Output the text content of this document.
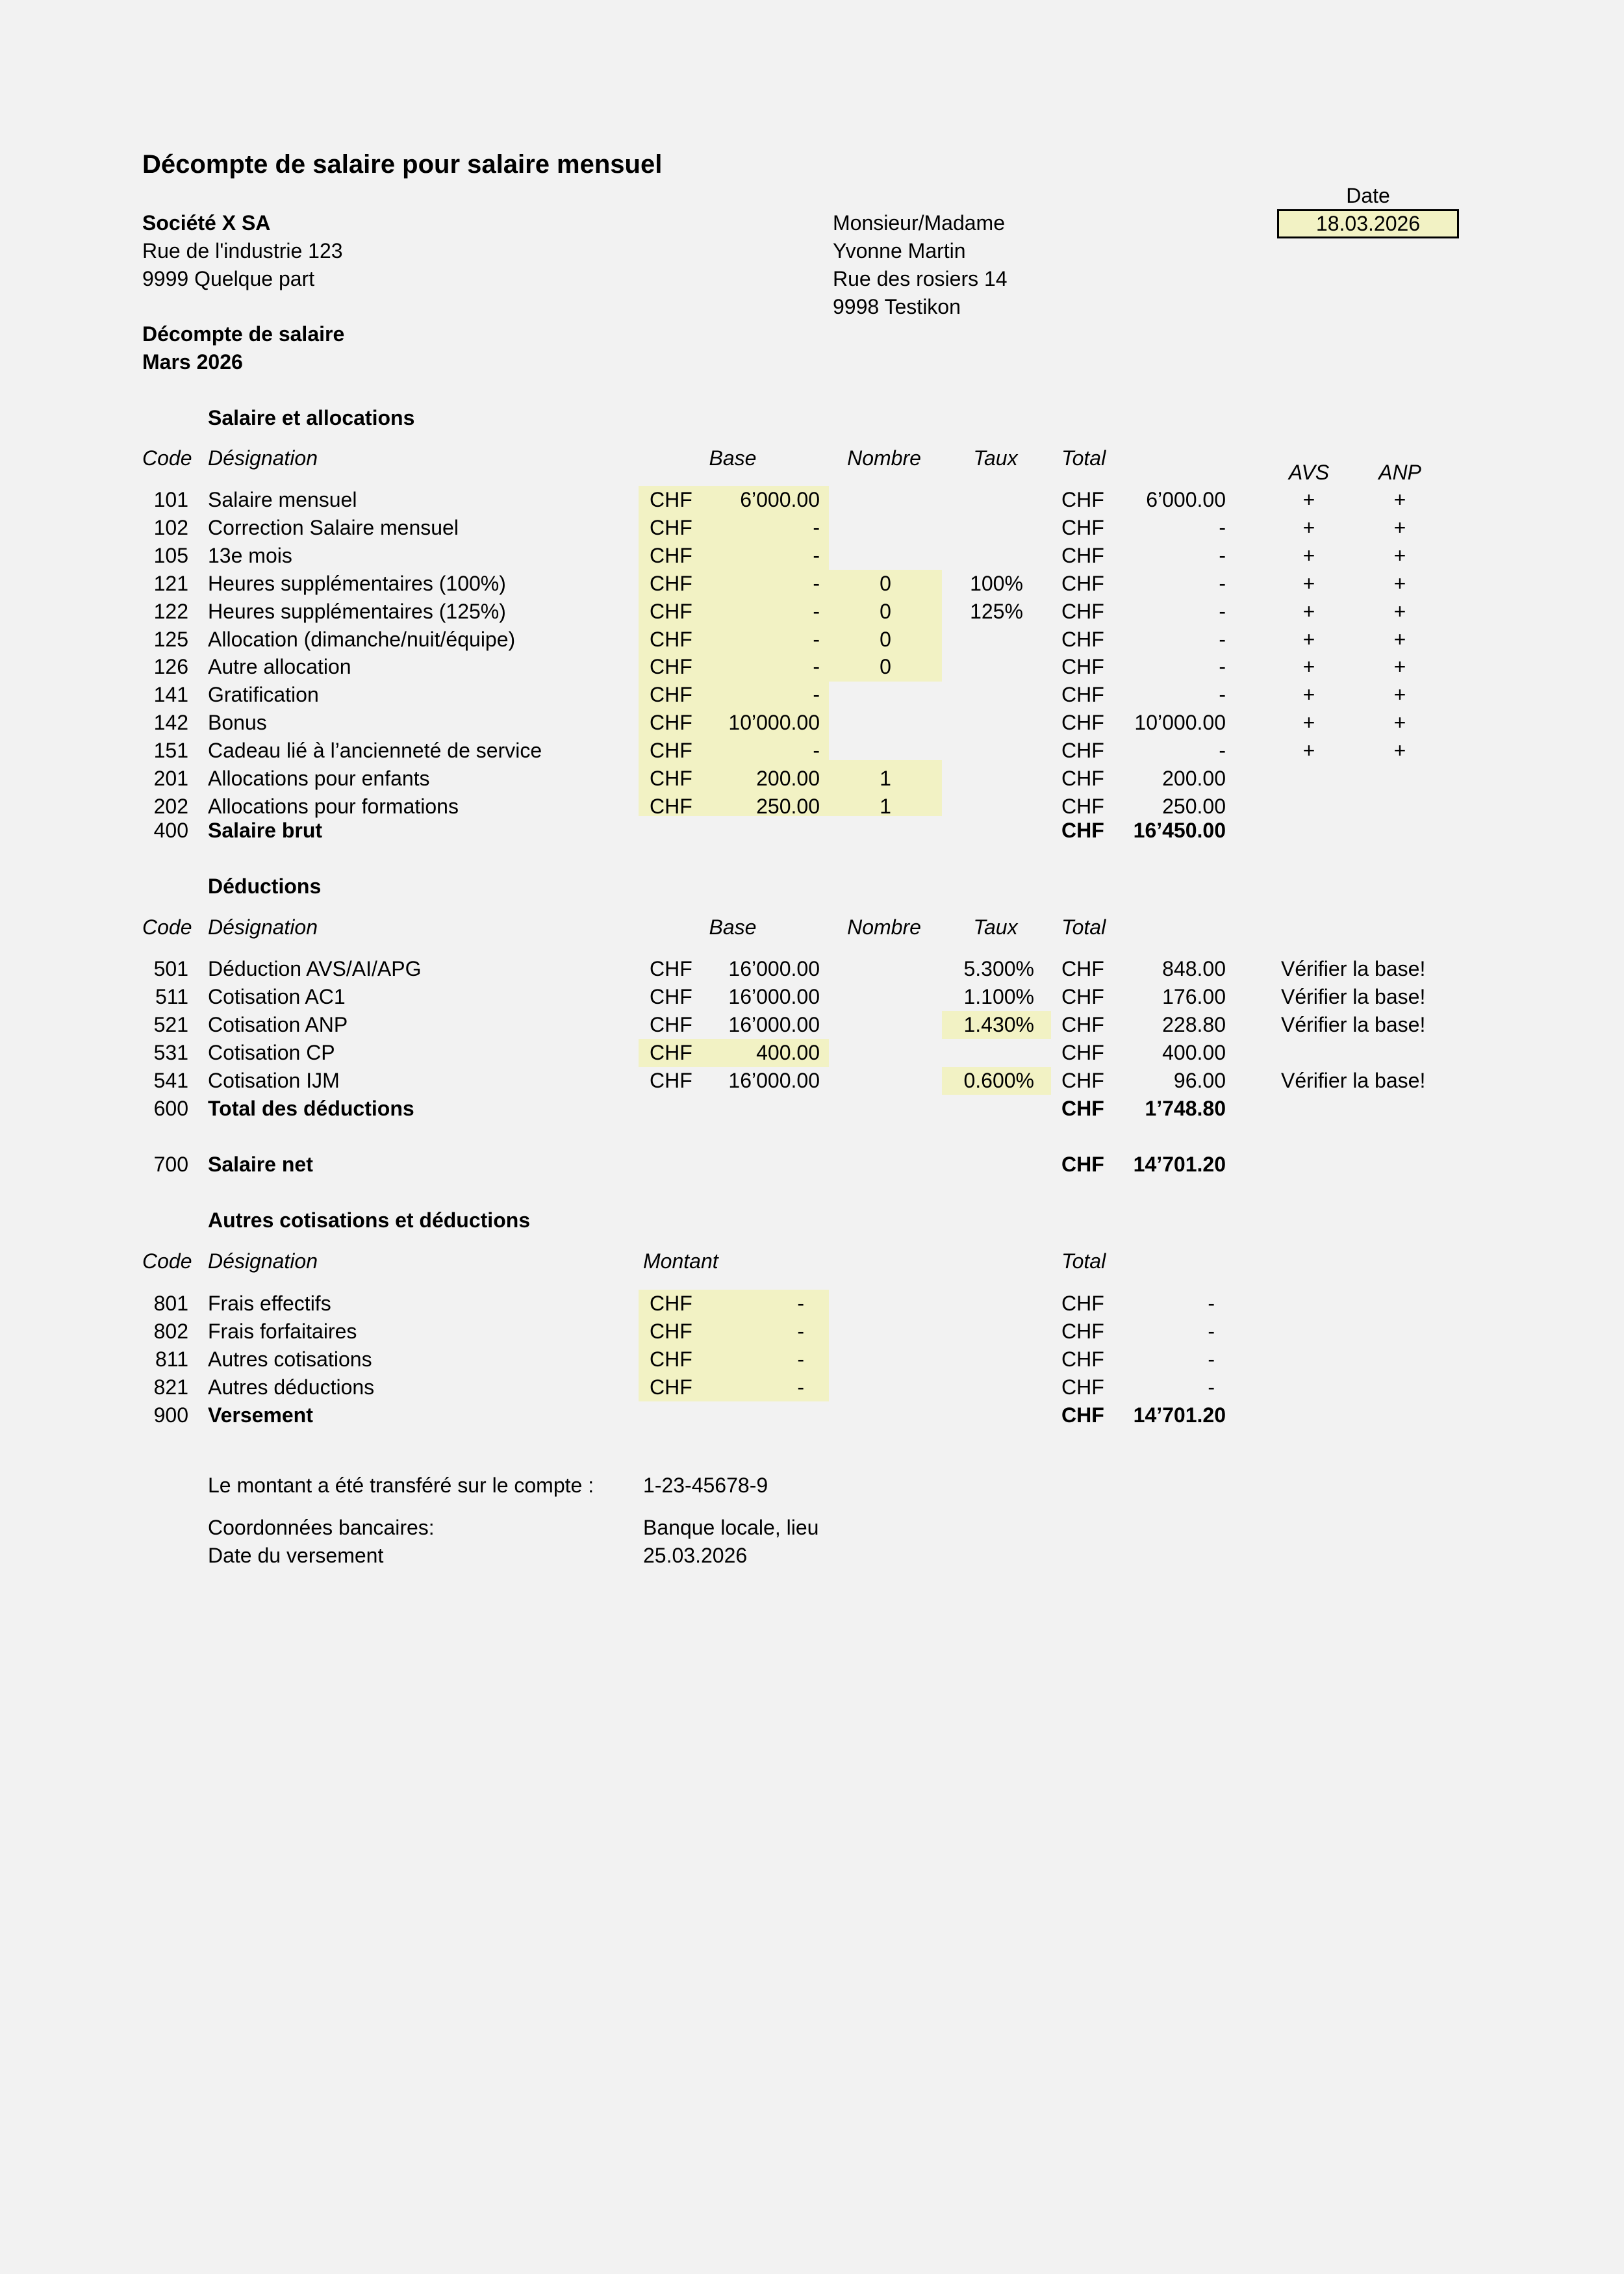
Décompte de salaire pour salaire mensuel
Date
18.03.2026
Société X SA
Rue de l'industrie 123
9999 Quelque part
Monsieur/Madame
Yvonne Martin
Rue des rosiers 14
9998 Testikon
Décompte de salaire
Mars 2026
Salaire et allocations
Code Désignation	Base	Nombre	Taux	Total
AVS	ANP
101 Salaire mensuel	CHF	6’000.00	CHF	6’000.00	+	+
102 Correction Salaire mensuel	CHF	-	CHF	-	+	+
105 13e mois	CHF	-	CHF	-	+	+
121 Heures supplémentaires (100%)	CHF	-	0	100%	CHF	-	+	+
122 Heures supplémentaires (125%)	CHF	-	0	125%	CHF	-	+	+
125 Allocation (dimanche/nuit/équipe)	CHF	-	0	CHF	-	+	+
126 Autre allocation	CHF	-	0	CHF	-	+	+
141 Gratification	CHF	-	CHF	-	+	+
142 Bonus	CHF	10’000.00	CHF	10’000.00	+	+
151 Cadeau lié à l’ancienneté de service	CHF	-	CHF	-	+	+
201 Allocations pour enfants	CHF	200.00	1	CHF	200.00
202 Allocations pour formations	CHF	250.00	1	CHF	250.00
400 Salaire brut	CHF	16’450.00
Déductions
Code Désignation	Base	Nombre	Taux	Total
501 Déduction AVS/AI/APG	CHF	16’000.00	5.300% CHF	848.00	Vérifier la base!
511 Cotisation AC1	CHF	16’000.00	1.100% CHF	176.00	Vérifier la base!
521 Cotisation ANP	CHF	16’000.00	1.430% CHF	228.80	Vérifier la base!
531 Cotisation CP	CHF	400.00	CHF	400.00
541 Cotisation IJM	CHF	16’000.00	0.600% CHF	96.00	Vérifier la base!
600 Total des déductions	CHF	1’748.80
700 Salaire net	CHF	14’701.20
Autres cotisations et déductions
Code Désignation	Montant	Total
801 Frais effectifs	CHF	-	CHF	-
802 Frais forfaitaires	CHF	-	CHF	-
811 Autres cotisations	CHF	-	CHF	-
821 Autres déductions	CHF	-	CHF	-
900 Versement	CHF	14’701.20
Le montant a été transféré sur le compte : 1-23-45678-9
Coordonnées bancaires:	Banque locale, lieu
Date du versement	25.03.2026
